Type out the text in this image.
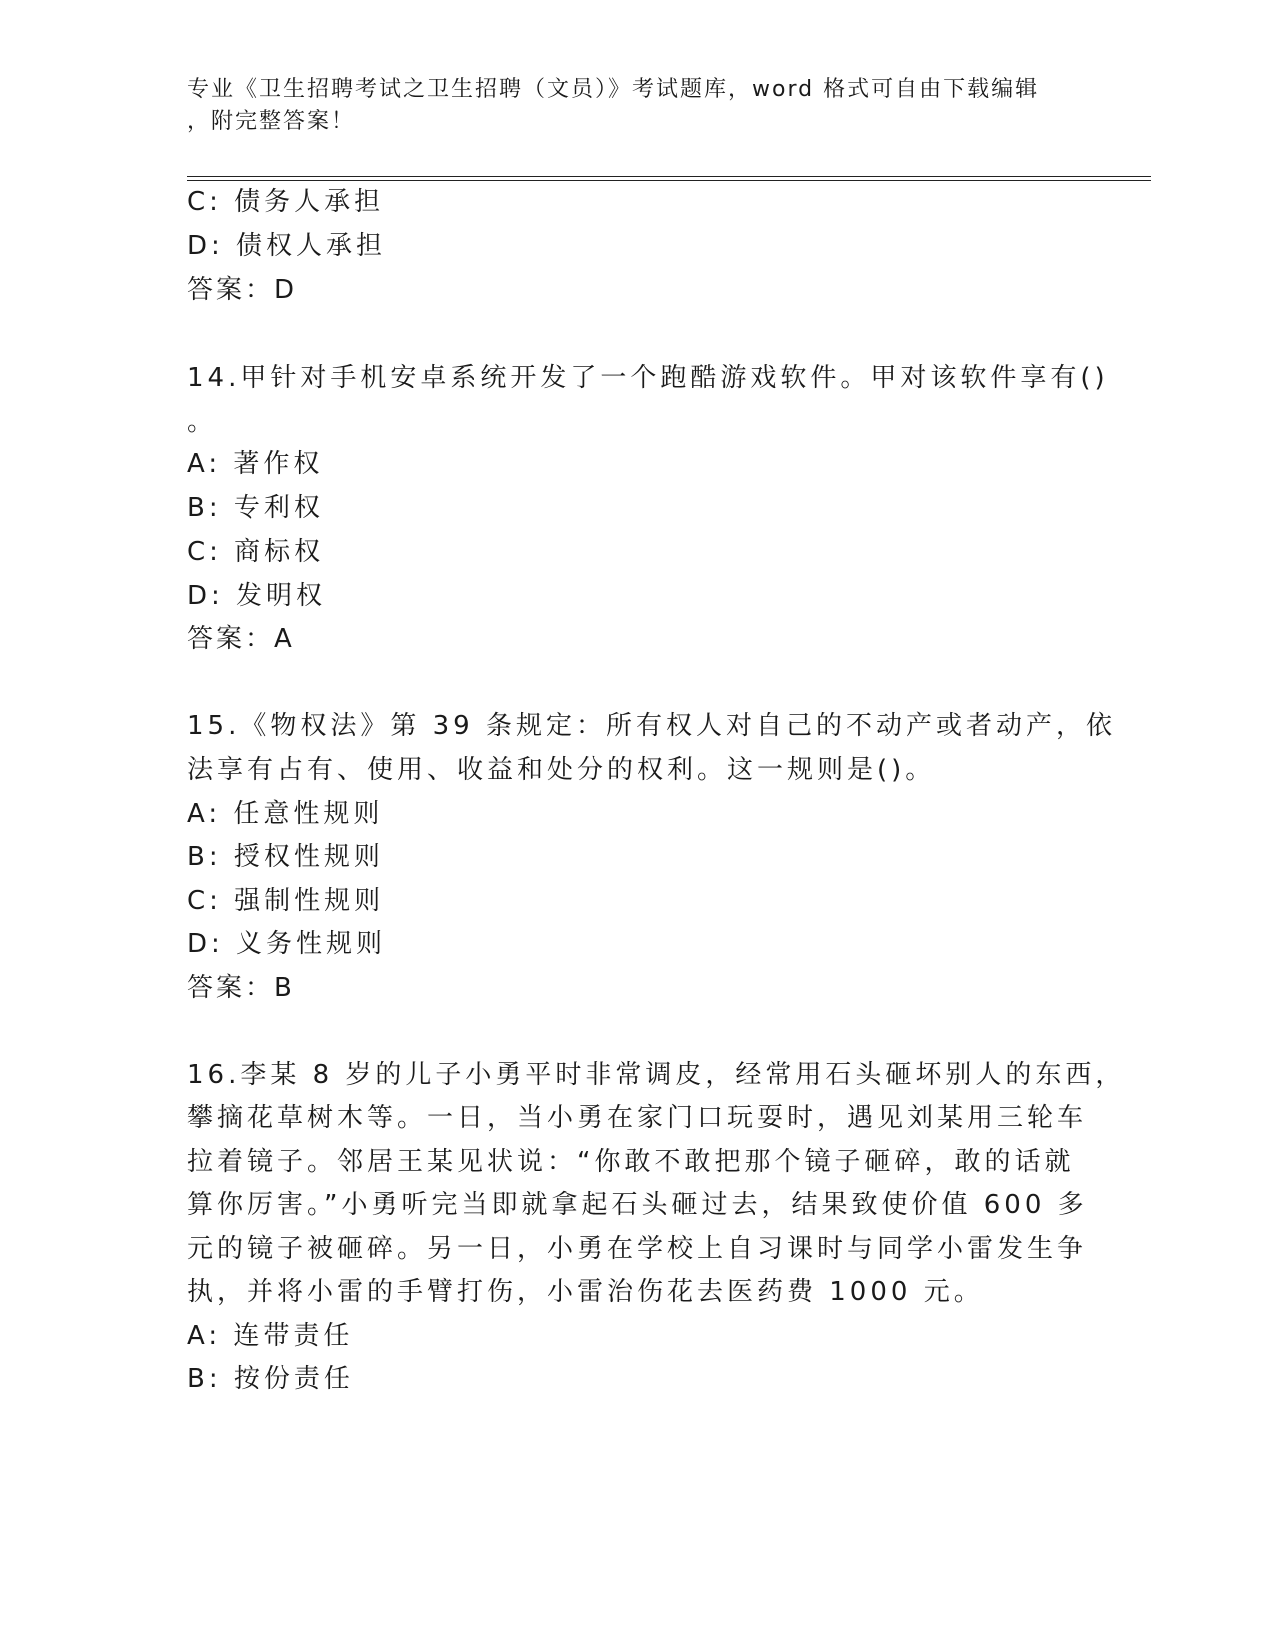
专业《卫生招聘考试之卫生招聘（文员）》考试题库，word 格式可自由下载编辑
，附完整答案！
C: 债务人承担
D: 债权人承担
答案：D
14.甲针对手机安卓系统开发了一个跑酷游戏软件。甲对该软件享有()
。
A: 著作权
B: 专利权
C: 商标权
D: 发明权
答案：A
15.《物权法》第 39 条规定：所有权人对自己的不动产或者动产，依
法享有占有、使用、收益和处分的权利。这一规则是()。
A: 任意性规则
B: 授权性规则
C: 强制性规则
D: 义务性规则
答案：B
16.李某 8 岁的儿子小勇平时非常调皮，经常用石头砸坏别人的东西，
攀摘花草树木等。一日，当小勇在家门口玩耍时，遇见刘某用三轮车
拉着镜子。邻居王某见状说：“你敢不敢把那个镜子砸碎，敢的话就
算你厉害。”小勇听完当即就拿起石头砸过去，结果致使价值 600 多
元的镜子被砸碎。另一日，小勇在学校上自习课时与同学小雷发生争
执，并将小雷的手臂打伤，小雷治伤花去医药费 1000 元。
A: 连带责任
B: 按份责任
